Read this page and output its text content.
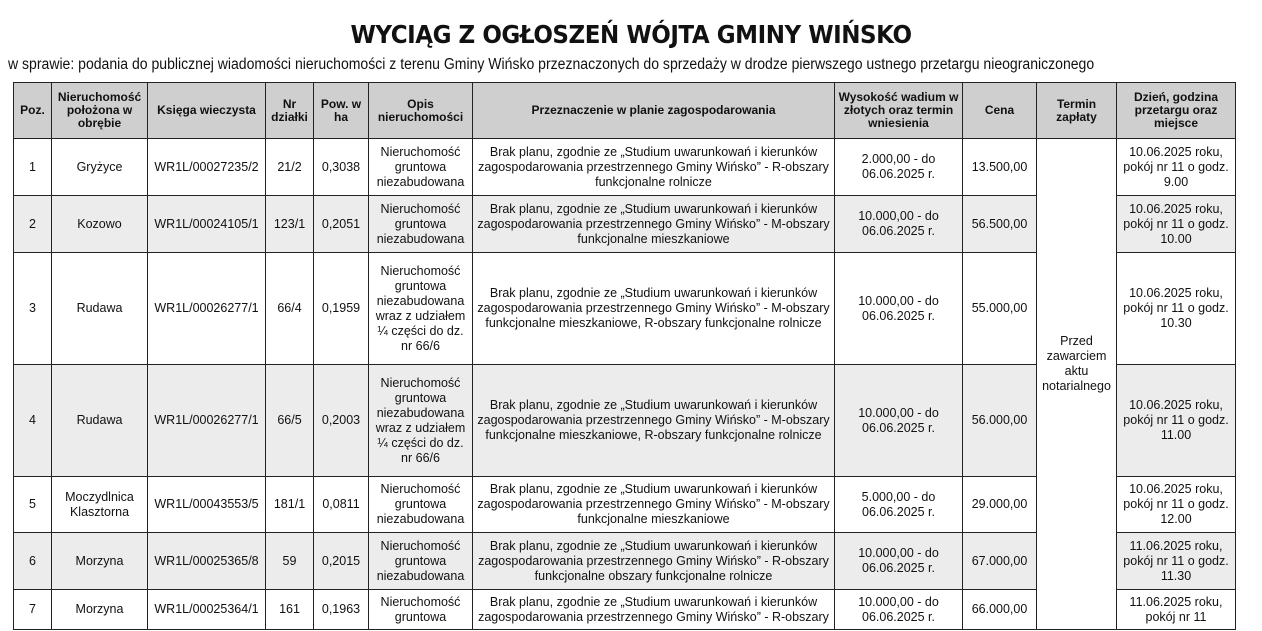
WYCIĄG Z OGŁOSZEŃ WÓJTA GMINY WIŃSKO
w sprawie: podania do publicznej wiadomości nieruchomości z terenu Gminy Wińsko przeznaczonych do sprzedaży w drodze pierwszego ustnego przetargu nieograniczonego
Poz.	Nieruchomość położona w obrębie	Księga wieczysta	Nr działki	Pow. w ha	Opis nieruchomości	Przeznaczenie w planie zagospodarowania	Wysokość wadium w złotych oraz termin wniesienia	Cena	Termin zapłaty	Dzień, godzina przetargu oraz miejsce
1	Gryżyce	WR1L/00027235/2	21/2	0,3038	Nieruchomość gruntowa niezabudowana	Brak planu, zgodnie ze „Studium uwarunkowań i kierunków zagospodarowania przestrzennego Gminy Wińsko” - R-obszary funkcjonalne rolnicze	2.000,00 - do 06.06.2025 r.	13.500,00	Przed zawarciem aktu notarialnego	10.06.2025 roku, pokój nr 11 o godz. 9.00
2	Kozowo	WR1L/00024105/1	123/1	0,2051	Nieruchomość gruntowa niezabudowana	Brak planu, zgodnie ze „Studium uwarunkowań i kierunków zagospodarowania przestrzennego Gminy Wińsko” - M-obszary funkcjonalne mieszkaniowe	10.000,00 - do 06.06.2025 r.	56.500,00		10.06.2025 roku, pokój nr 11 o godz. 10.00
3	Rudawa	WR1L/00026277/1	66/4	0,1959	Nieruchomość gruntowa niezabudowana wraz z udziałem ¼ części do dz. nr 66/6	Brak planu, zgodnie ze „Studium uwarunkowań i kierunków zagospodarowania przestrzennego Gminy Wińsko” - M-obszary funkcjonalne mieszkaniowe, R-obszary funkcjonalne rolnicze	10.000,00 - do 06.06.2025 r.	55.000,00		10.06.2025 roku, pokój nr 11 o godz. 10.30
4	Rudawa	WR1L/00026277/1	66/5	0,2003	Nieruchomość gruntowa niezabudowana wraz z udziałem ¼ części do dz. nr 66/6	Brak planu, zgodnie ze „Studium uwarunkowań i kierunków zagospodarowania przestrzennego Gminy Wińsko” - M-obszary funkcjonalne mieszkaniowe, R-obszary funkcjonalne rolnicze	10.000,00 - do 06.06.2025 r.	56.000,00		10.06.2025 roku, pokój nr 11 o godz. 11.00
5	Moczydlnica Klasztorna	WR1L/00043553/5	181/1	0,0811	Nieruchomość gruntowa niezabudowana	Brak planu, zgodnie ze „Studium uwarunkowań i kierunków zagospodarowania przestrzennego Gminy Wińsko” - M-obszary funkcjonalne mieszkaniowe	5.000,00 - do 06.06.2025 r.	29.000,00		10.06.2025 roku, pokój nr 11 o godz. 12.00
6	Morzyna	WR1L/00025365/8	59	0,2015	Nieruchomość gruntowa niezabudowana	Brak planu, zgodnie ze „Studium uwarunkowań i kierunków zagospodarowania przestrzennego Gminy Wińsko” - R-obszary funkcjonalne obszary funkcjonalne rolnicze	10.000,00 - do 06.06.2025 r.	67.000,00		11.06.2025 roku, pokój nr 11 o godz. 11.30
7	Morzyna	WR1L/00025364/1	161	0,1963	Nieruchomość gruntowa	Brak planu, zgodnie ze „Studium uwarunkowań i kierunków zagospodarowania przestrzennego Gminy Wińsko” - R-obszary	10.000,00 - do 06.06.2025 r.	66.000,00		11.06.2025 roku, pokój nr 11
